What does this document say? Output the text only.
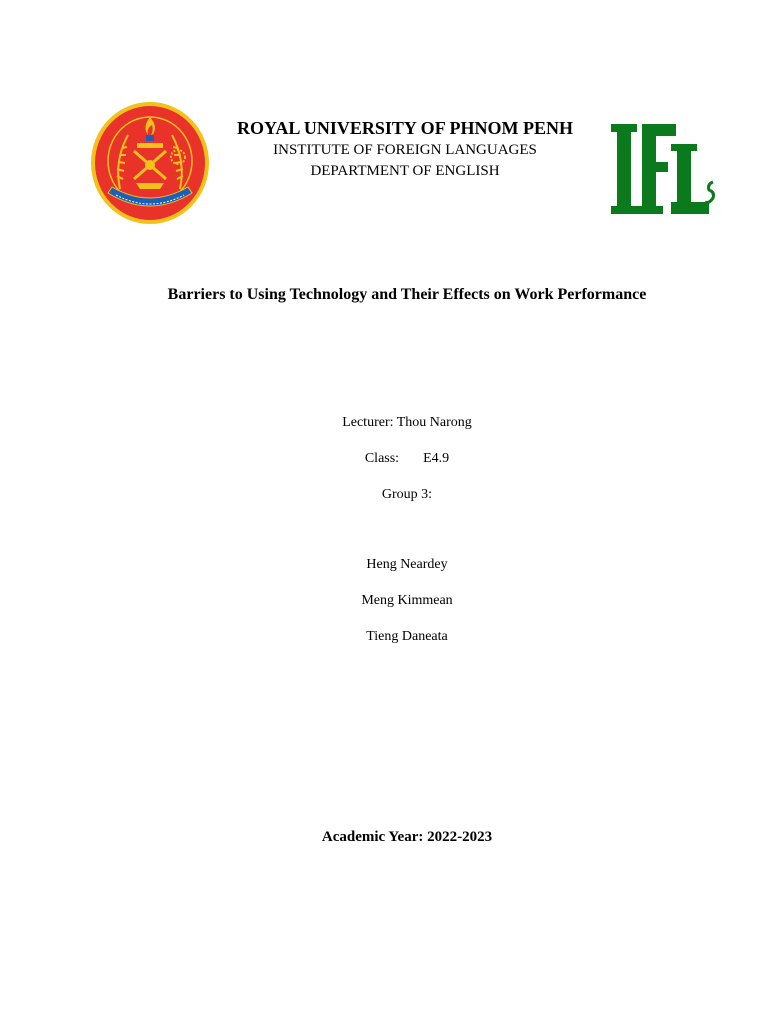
ROYAL UNIVERSITY OF PHNOM PENH
INSTITUTE OF FOREIGN LANGUAGES
DEPARTMENT OF ENGLISH
Barriers to Using Technology and Their Effects on Work Performance
Lecturer: Thou Narong
Class: E4.9
Group 3:
Heng Neardey
Meng Kimmean
Tieng Daneata
Academic Year: 2022-2023
